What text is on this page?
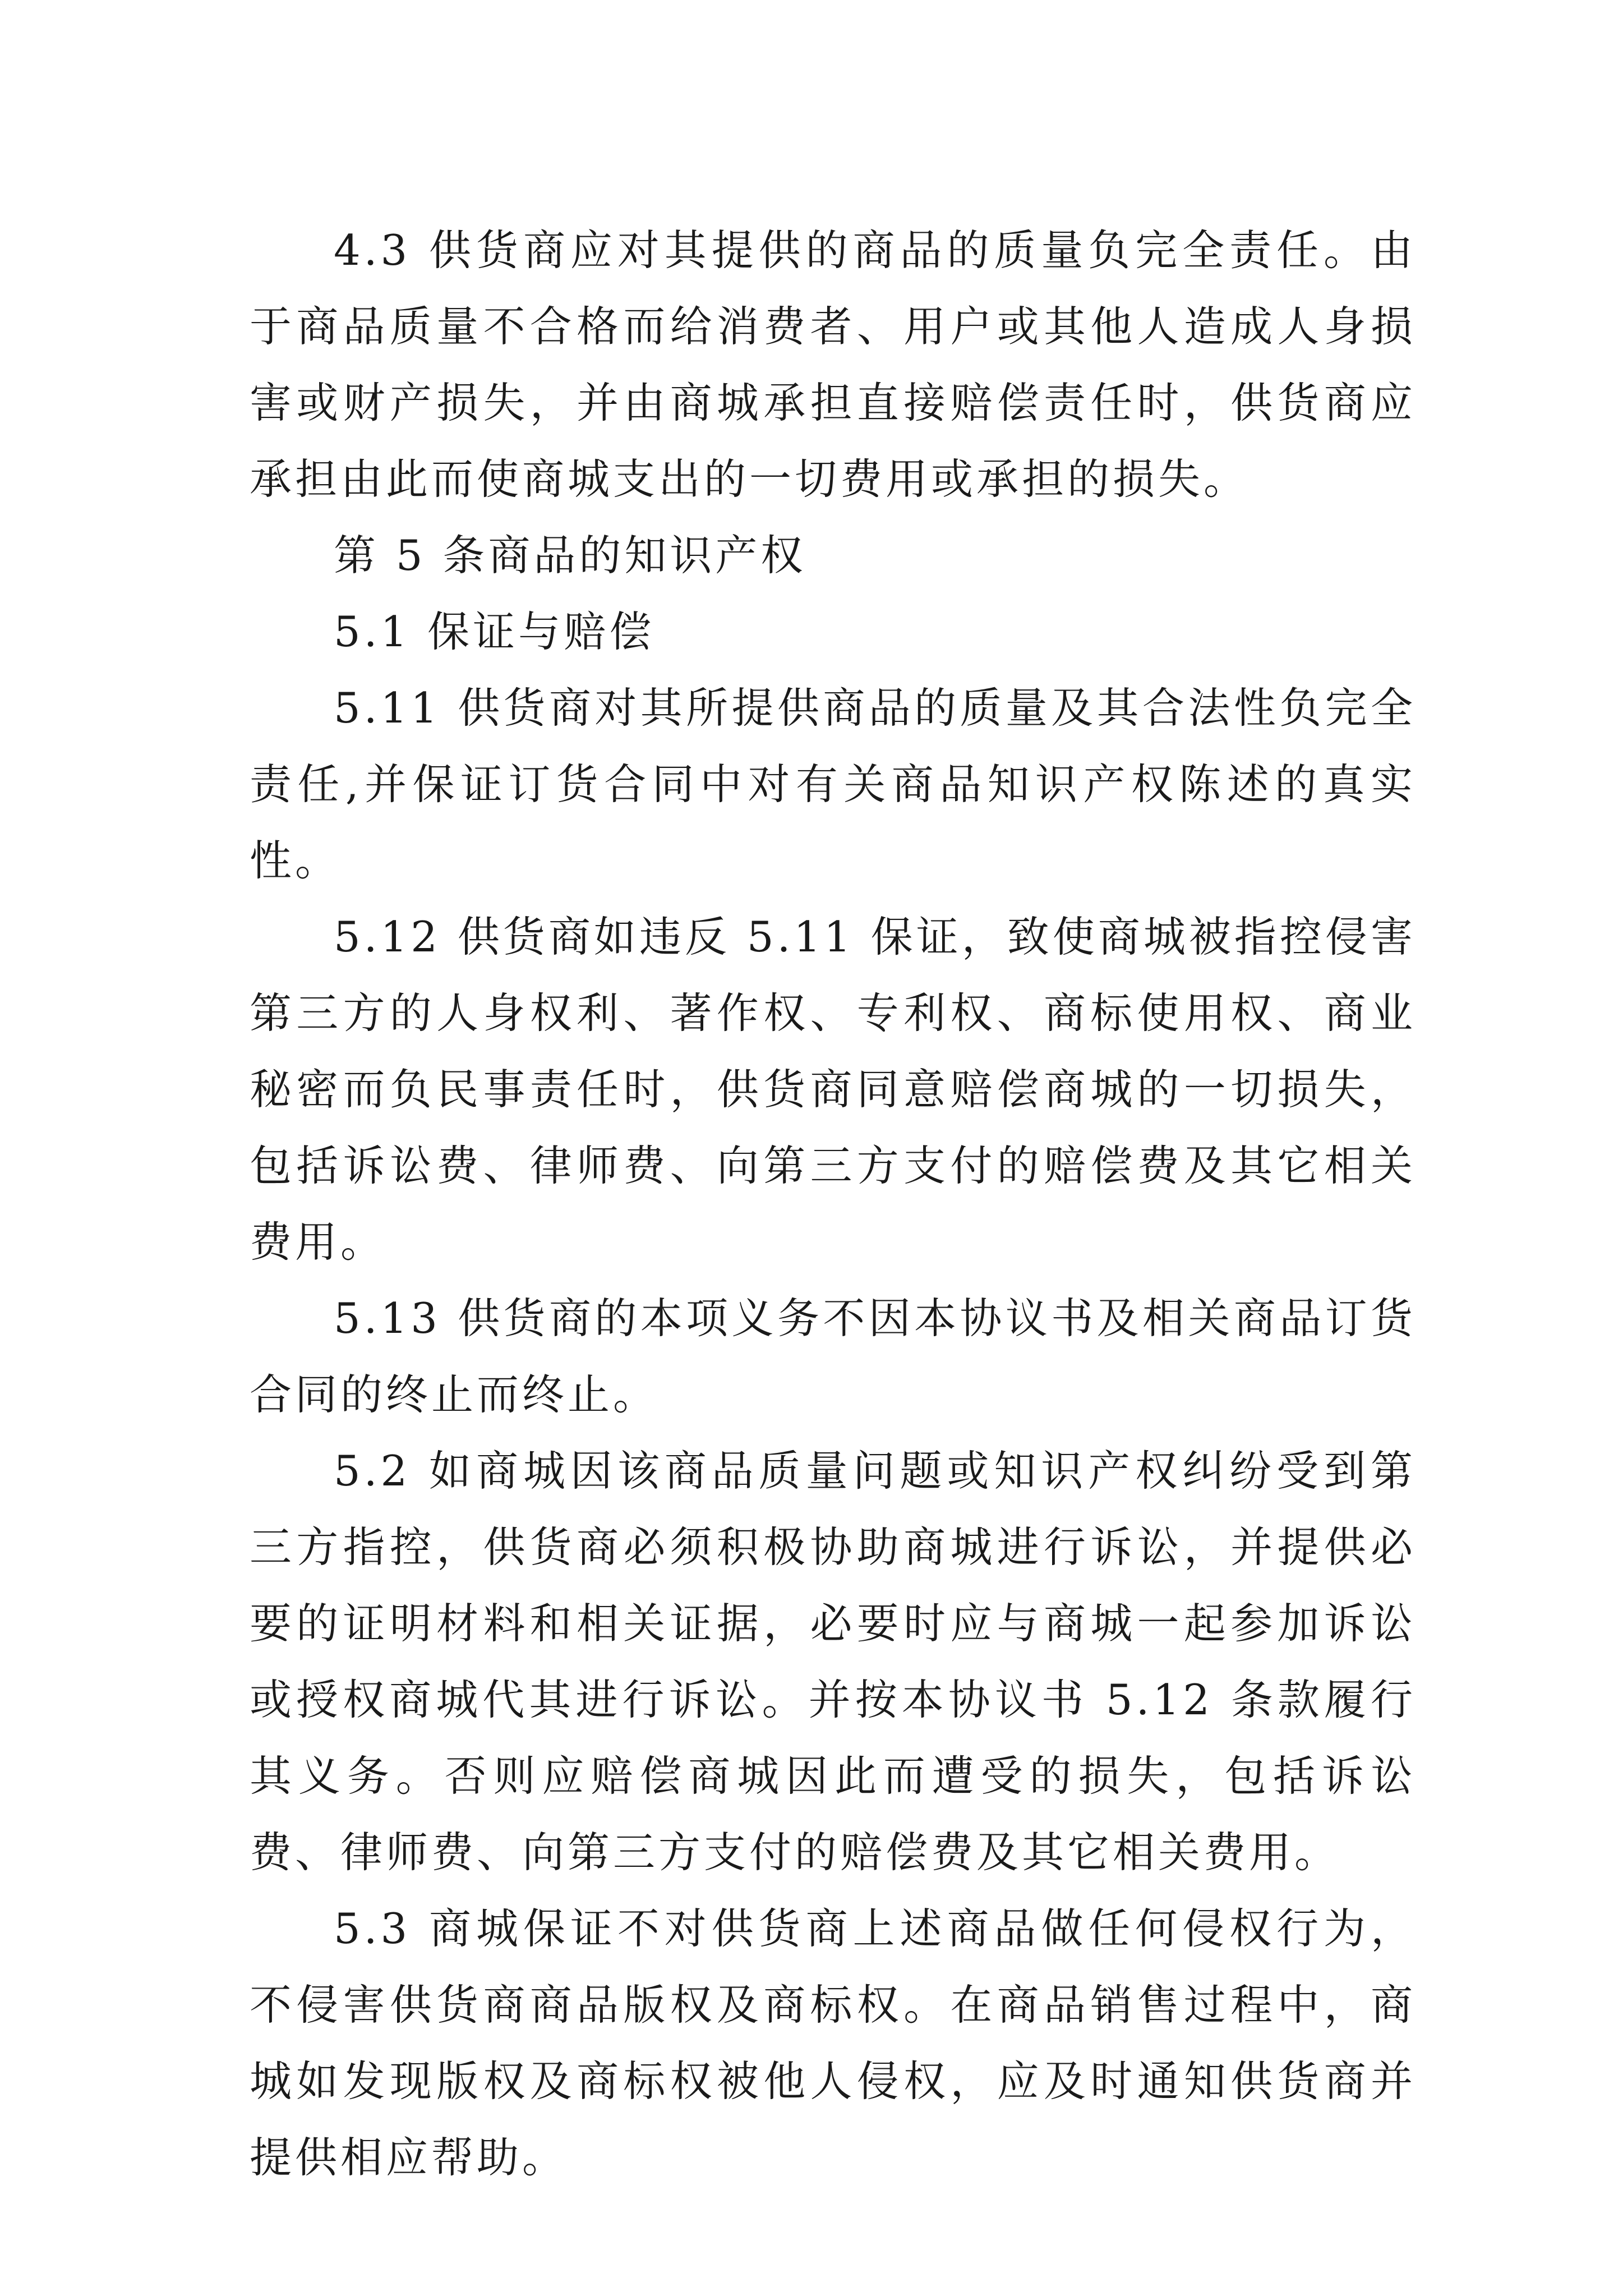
4.3 供货商应对其提供的商品的质量负完全责任。由于商品质量不合格而给消费者、用户或其他人造成人身损害或财产损失，并由商城承担直接赔偿责任时，供货商应承担由此而使商城支出的一切费用或承担的损失。

第 5 条商品的知识产权

5.1 保证与赔偿

5.11 供货商对其所提供商品的质量及其合法性负完全责任,并保证订货合同中对有关商品知识产权陈述的真实性。

5.12 供货商如违反 5.11 保证，致使商城被指控侵害第三方的人身权利、著作权、专利权、商标使用权、商业秘密而负民事责任时，供货商同意赔偿商城的一切损失，包括诉讼费、律师费、向第三方支付的赔偿费及其它相关费用。

5.13 供货商的本项义务不因本协议书及相关商品订货合同的终止而终止。

5.2 如商城因该商品质量问题或知识产权纠纷受到第三方指控，供货商必须积极协助商城进行诉讼，并提供必要的证明材料和相关证据，必要时应与商城一起参加诉讼或授权商城代其进行诉讼。并按本协议书 5.12 条款履行其义务。否则应赔偿商城因此而遭受的损失，包括诉讼费、律师费、向第三方支付的赔偿费及其它相关费用。

5.3 商城保证不对供货商上述商品做任何侵权行为，不侵害供货商商品版权及商标权。在商品销售过程中，商城如发现版权及商标权被他人侵权，应及时通知供货商并提供相应帮助。
